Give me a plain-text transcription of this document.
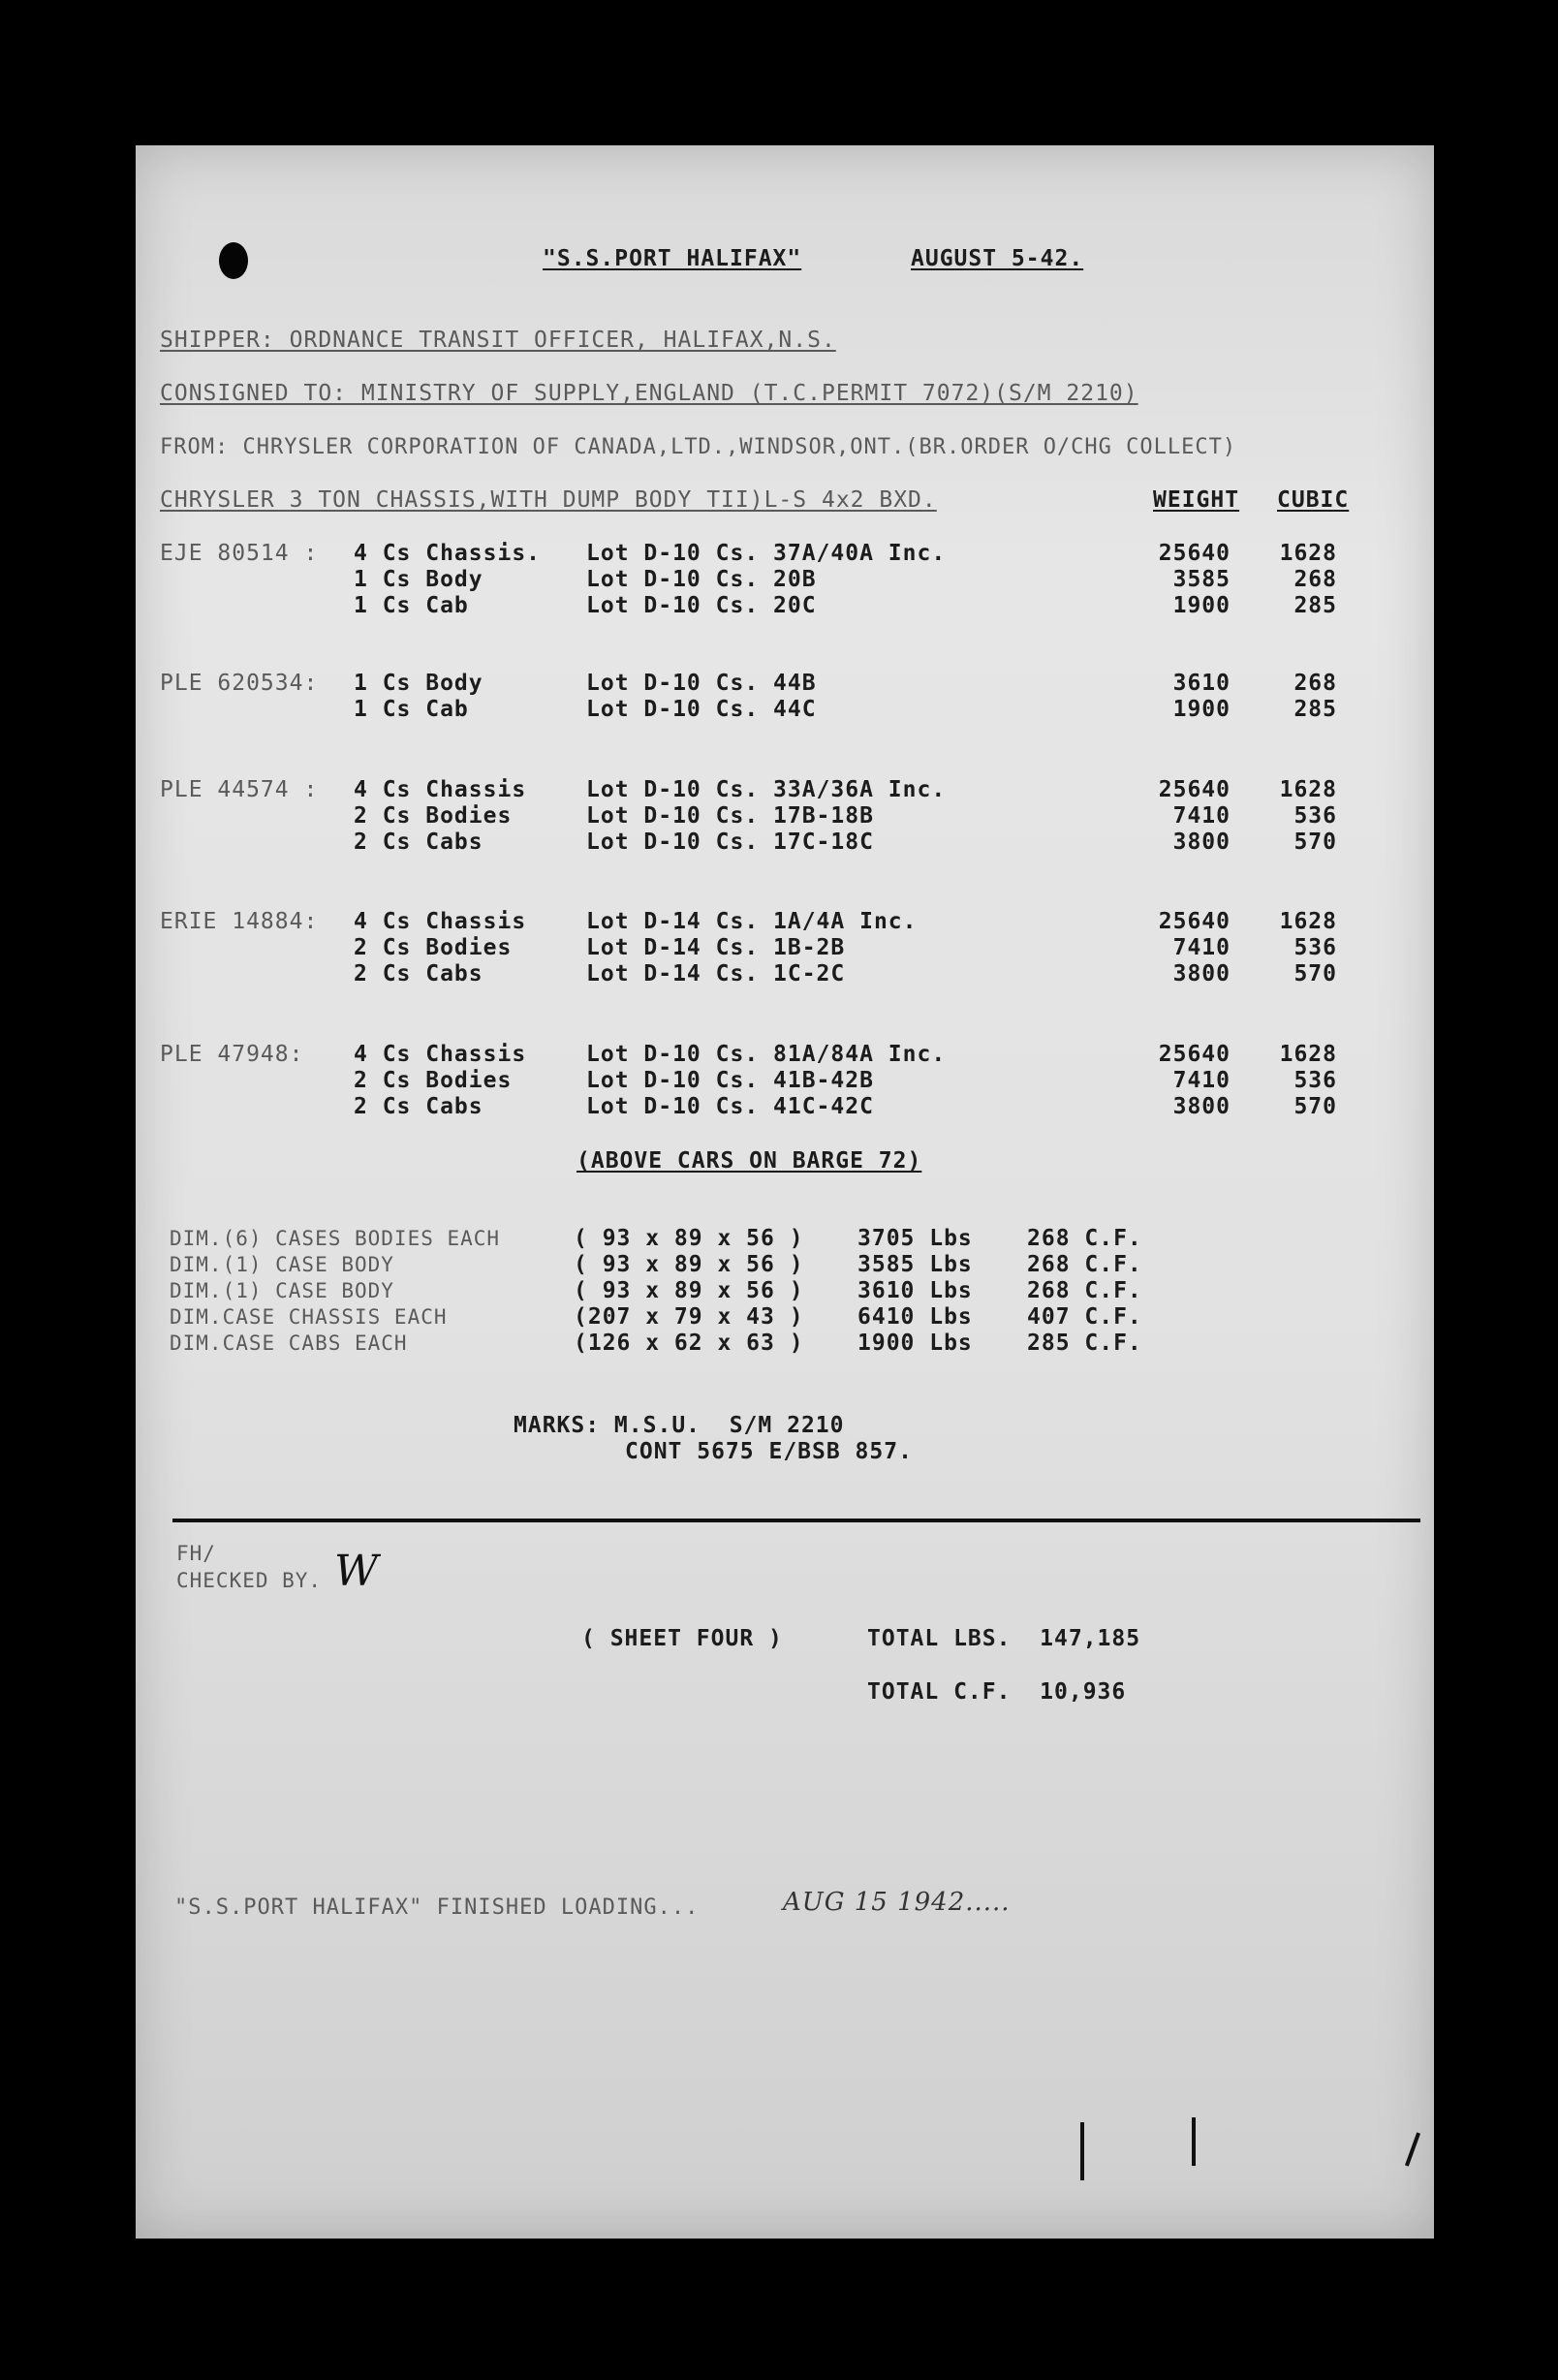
"S.S.PORT HALIFAX"	AUGUST 5-42.
SHIPPER: ORDNANCE TRANSIT OFFICER, HALIFAX,N.S.
CONSIGNED TO: MINISTRY OF SUPPLY,ENGLAND (T.C.PERMIT 7072)(S/M 2210)
FROM: CHRYSLER CORPORATION OF CANADA,LTD.,WINDSOR,ONT.(BR.ORDER O/CHG COLLECT)
CHRYSLER 3 TON CHASSIS,WITH DUMP BODY TII)L-S 4x2 BXD.	WEIGHT CUBIC
EJE 80514 : 4 Cs Chassis. Lot D-10 Cs. 37A/40A Inc.	25640	1628
1 Cs Body	Lot D-10 Cs. 20B	3585	268
1 Cs Cab	Lot D-10 Cs. 20C	1900	285
PLE 620534: 1 Cs Body	Lot D-10 Cs. 44B	3610	268
1 Cs Cab	Lot D-10 Cs. 44C	1900	285
PLE 44574 : 4 Cs Chassis	Lot D-10 Cs. 33A/36A Inc.	25640	1628
2 Cs Bodies	Lot D-10 Cs. 17B-18B	7410	536
2 Cs Cabs	Lot D-10 Cs. 17C-18C	3800	570
ERIE 14884: 4 Cs Chassis	Lot D-14 Cs. 1A/4A Inc.	25640	1628
2 Cs Bodies	Lot D-14 Cs. 1B-2B	7410	536
2 Cs Cabs	Lot D-14 Cs. 1C-2C	3800	570
PLE 47948: 4 Cs Chassis	Lot D-10 Cs. 81A/84A Inc.	25640	1628
2 Cs Bodies	Lot D-10 Cs. 41B-42B	7410	536
2 Cs Cabs	Lot D-10 Cs. 41C-42C	3800	570
(ABOVE CARS ON BARGE 72)
DIM.(6) CASES BODIES EACH	( 93 x 89 x 56 ) 3705 Lbs 268 C.F.
DIM.(1) CASE BODY	( 93 x 89 x 56 ) 3585 Lbs 268 C.F.
DIM.(1) CASE BODY	( 93 x 89 x 56 ) 3610 Lbs 268 C.F.
DIM.CASE CHASSIS EACH	(207 x 79 x 43 ) 6410 Lbs 407 C.F.
DIM.CASE CABS EACH	(126 x 62 x 63 ) 1900 Lbs 285 C.F.
MARKS: M.S.U.  S/M 2210
CONT 5675 E/BSB 857.
FH/
CHECKED BY. W
( SHEET FOUR )	TOTAL LBS.  147,185
TOTAL C.F.  10,936
"S.S.PORT HALIFAX" FINISHED LOADING...	AUG 15 1942.....
